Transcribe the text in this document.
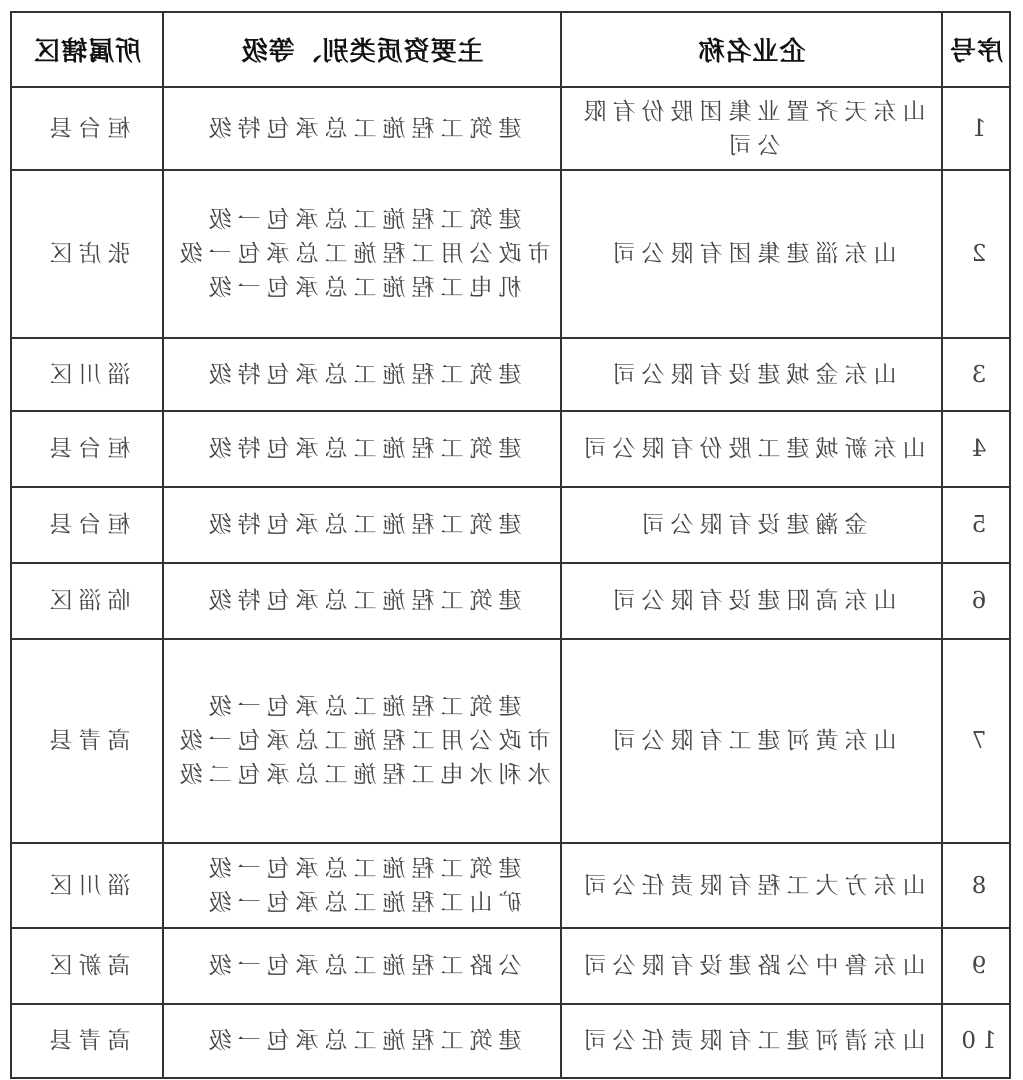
序号	企业名称	主要资质类别、等级	所属辖区
1	山东天齐置业集团股份有限公司	建筑工程施工总承包特级	桓台县
2	山东淄建集团有限公司	建筑工程施工总承包一级
市政公用工程施工总承包一级
机电工程施工总承包一级	张店区
3	山东金城建设有限公司	建筑工程施工总承包特级	淄川区
4	山东新城建工股份有限公司	建筑工程施工总承包特级	桓台县
5	金瀚建设有限公司	建筑工程施工总承包特级	桓台县
6	山东高阳建设有限公司	建筑工程施工总承包特级	临淄区
7	山东黄河建工有限公司	建筑工程施工总承包一级
市政公用工程施工总承包一级
水利水电工程施工总承包二级	高青县
8	山东方大工程有限责任公司	建筑工程施工总承包一级
矿山工程施工总承包一级	淄川区
9	山东鲁中公路建设有限公司	公路工程施工总承包一级	高新区
10	山东清河建工有限责任公司	建筑工程施工总承包一级	高青县
